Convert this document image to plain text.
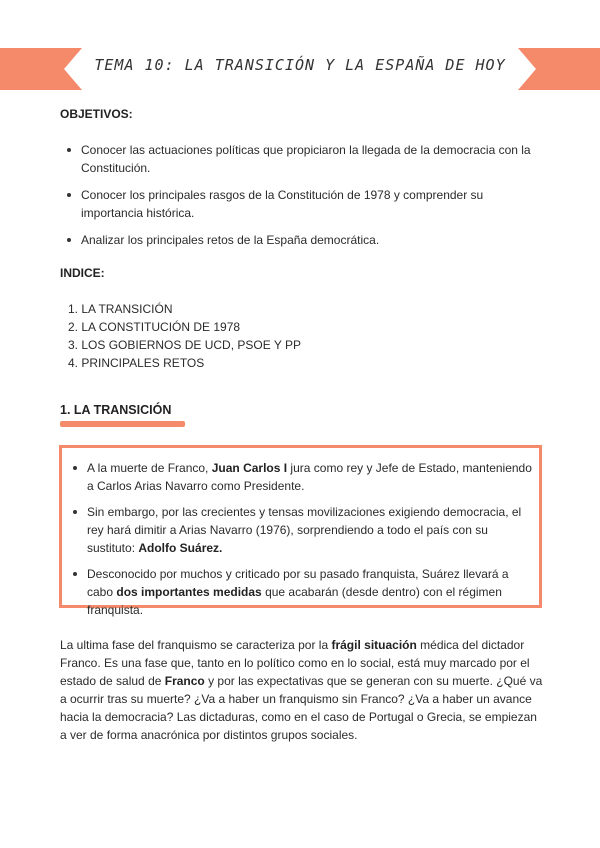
TEMA 10: LA TRANSICIÓN Y LA ESPAÑA DE HOY
OBJETIVOS:
Conocer las actuaciones políticas que propiciaron la llegada de la democracia con la Constitución.
Conocer los principales rasgos de la Constitución de 1978 y comprender su importancia histórica.
Analizar los principales retos de la España democrática.
INDICE:
1. LA TRANSICIÓN
2. LA CONSTITUCIÓN DE 1978
3. LOS GOBIERNOS DE UCD, PSOE Y PP
4. PRINCIPALES RETOS
1. LA TRANSICIÓN
A la muerte de Franco, Juan Carlos I jura como rey y Jefe de Estado, manteniendo a Carlos Arias Navarro como Presidente.
Sin embargo, por las crecientes y tensas movilizaciones exigiendo democracia, el rey hará dimitir a Arias Navarro (1976), sorprendiendo a todo el país con su sustituto: Adolfo Suárez.
Desconocido por muchos y criticado por su pasado franquista, Suárez llevará a cabo dos importantes medidas que acabarán (desde dentro) con el régimen franquista.

La ultima fase del franquismo se caracteriza por la frágil situación médica del dictador Franco. Es una fase que, tanto en lo político como en lo social, está muy marcado por el estado de salud de Franco y por las expectativas que se generan con su muerte. ¿Qué va a ocurrir tras su muerte? ¿Va a haber un franquismo sin Franco? ¿Va a haber un avance hacia la democracia? Las dictaduras, como en el caso de Portugal o Grecia, se empiezan a ver de forma anacrónica por distintos grupos sociales.
